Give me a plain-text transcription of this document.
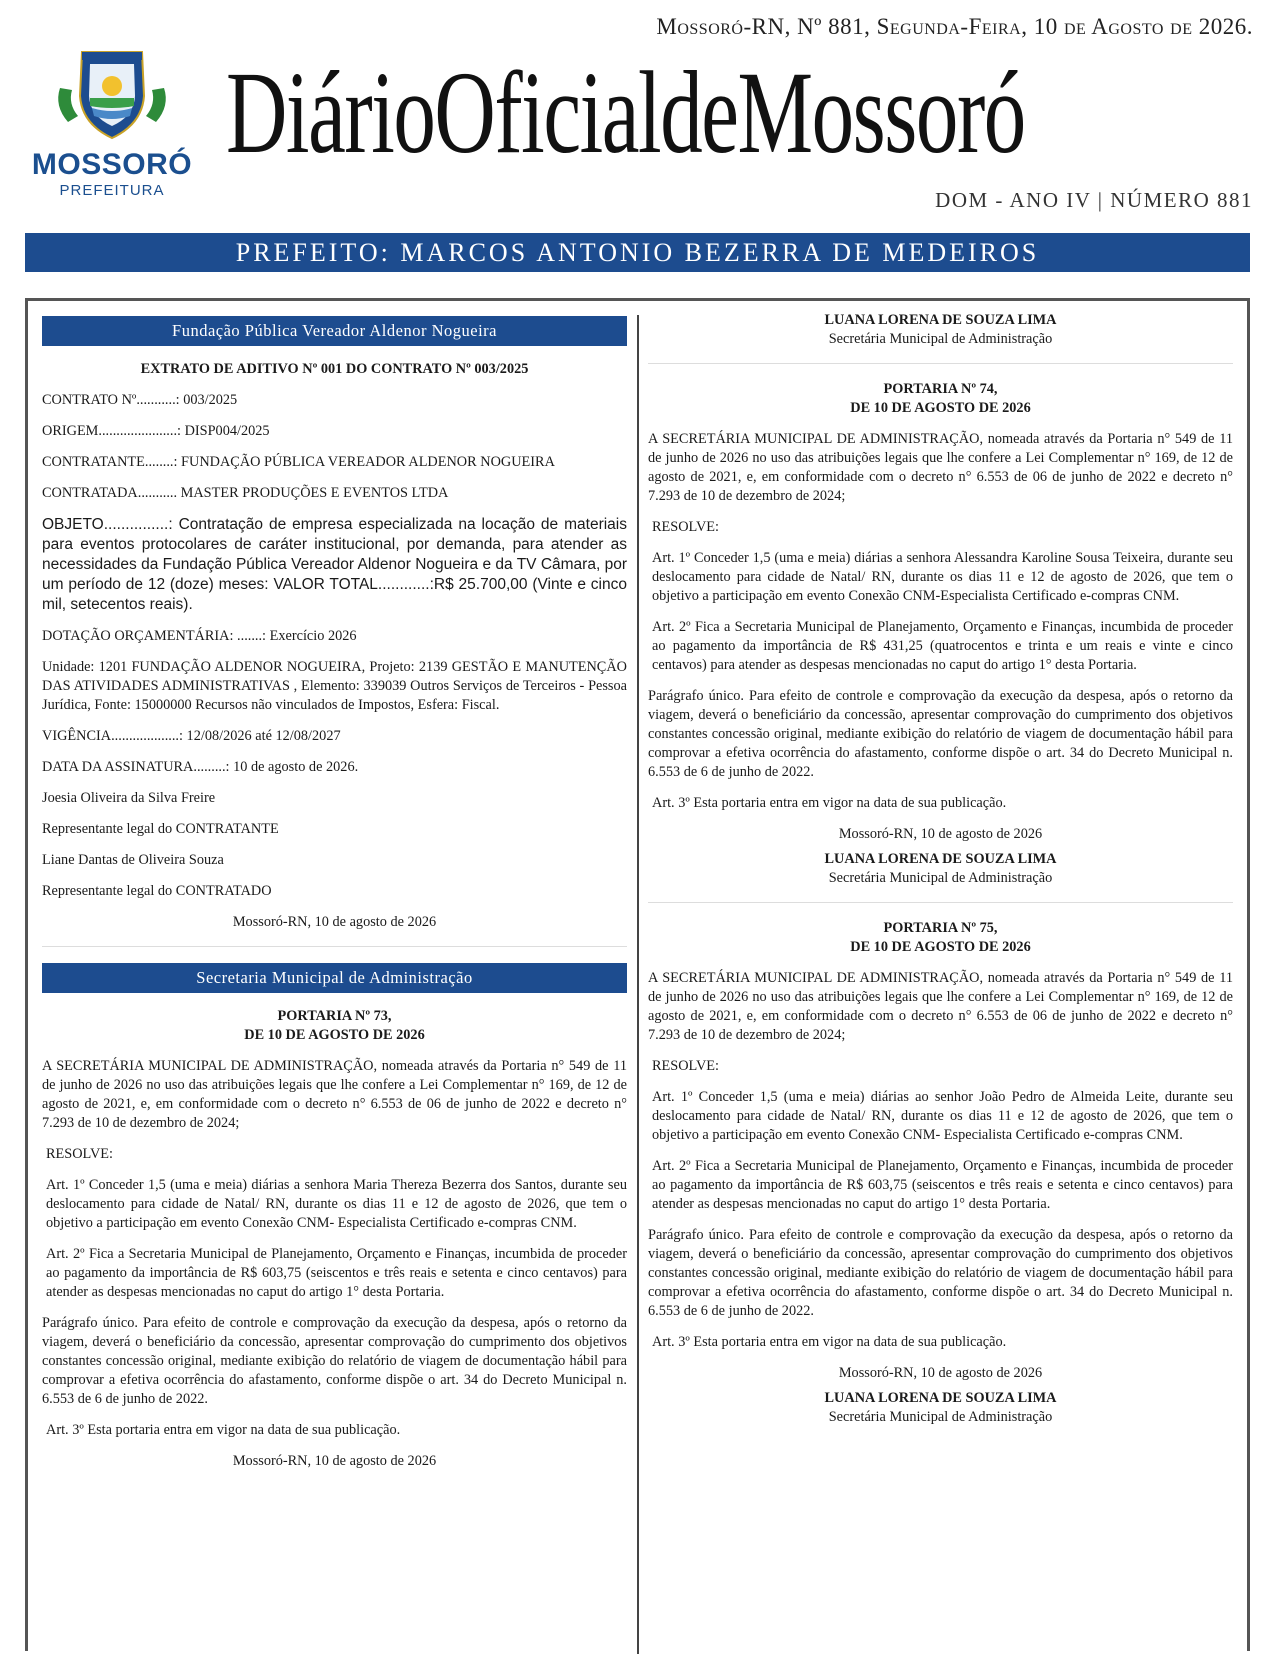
Mossoró-RN, Nº 881, Segunda-Feira, 10 de Agosto de 2026.
MOSSORÓ
PREFEITURA
DiárioOficialdeMossoró
DOM - ANO IV | NÚMERO 881
PREFEITO: MARCOS ANTONIO BEZERRA DE MEDEIROS
Fundação Pública Vereador Aldenor Nogueira
EXTRATO DE ADITIVO Nº 001 DO CONTRATO Nº 003/2025

CONTRATO Nº...........: 003/2025

ORIGEM......................: DISP004/2025

CONTRATANTE........: FUNDAÇÃO PÚBLICA VEREADOR ALDENOR NOGUEIRA

CONTRATADA........... MASTER PRODUÇÕES E EVENTOS LTDA

OBJETO...............: Contratação de empresa especializada na locação de materiais para eventos protocolares de caráter institucional, por demanda, para atender as necessidades da Fundação Pública Vereador Aldenor Nogueira e da TV Câmara, por um período de 12 (doze) meses: VALOR TOTAL............:R$ 25.700,00 (Vinte e cinco mil, setecentos reais).

DOTAÇÃO ORÇAMENTÁRIA: .......: Exercício 2026

Unidade: 1201 FUNDAÇÃO ALDENOR NOGUEIRA, Projeto: 2139 GESTÃO E MANUTENÇÃO DAS ATIVIDADES ADMINISTRATIVAS , Elemento: 339039 Outros Serviços de Terceiros - Pessoa Jurídica, Fonte: 15000000 Recursos não vinculados de Impostos, Esfera: Fiscal.

VIGÊNCIA...................: 12/08/2026 até 12/08/2027

DATA DA ASSINATURA.........: 10 de agosto de 2026.

Joesia Oliveira da Silva Freire

Representante legal do CONTRATANTE

Liane Dantas de Oliveira Souza

Representante legal do CONTRATADO

Mossoró-RN, 10 de agosto de 2026

Secretaria Municipal de Administração
PORTARIA Nº 73,
DE 10 DE AGOSTO DE 2026

A SECRETÁRIA MUNICIPAL DE ADMINISTRAÇÃO, nomeada através da Portaria n° 549 de 11 de junho de 2026 no uso das atribuições legais que lhe confere a Lei Complementar n° 169, de 12 de agosto de 2021, e, em conformidade com o decreto n° 6.553 de 06 de junho de 2022 e decreto n° 7.293 de 10 de dezembro de 2024;

RESOLVE:

Art. 1º Conceder 1,5 (uma e meia) diárias a senhora Maria Thereza Bezerra dos Santos, durante seu deslocamento para cidade de Natal/ RN, durante os dias 11 e 12 de agosto de 2026, que tem o objetivo a participação em evento Conexão CNM- Especialista Certificado e-compras CNM.

Art. 2º Fica a Secretaria Municipal de Planejamento, Orçamento e Finanças, incumbida de proceder ao pagamento da importância de R$ 603,75 (seiscentos e três reais e setenta e cinco centavos) para atender as despesas mencionadas no caput do artigo 1° desta Portaria.

Parágrafo único. Para efeito de controle e comprovação da execução da despesa, após o retorno da viagem, deverá o beneficiário da concessão, apresentar comprovação do cumprimento dos objetivos constantes concessão original, mediante exibição do relatório de viagem de documentação hábil para comprovar a efetiva ocorrência do afastamento, conforme dispõe o art. 34 do Decreto Municipal n. 6.553 de 6 de junho de 2022.

Art. 3º Esta portaria entra em vigor na data de sua publicação.

Mossoró-RN, 10 de agosto de 2026

LUANA LORENA DE SOUZA LIMA

Secretária Municipal de Administração

PORTARIA Nº 74,
DE 10 DE AGOSTO DE 2026

A SECRETÁRIA MUNICIPAL DE ADMINISTRAÇÃO, nomeada através da Portaria n° 549 de 11 de junho de 2026 no uso das atribuições legais que lhe confere a Lei Complementar n° 169, de 12 de agosto de 2021, e, em conformidade com o decreto n° 6.553 de 06 de junho de 2022 e decreto n° 7.293 de 10 de dezembro de 2024;

RESOLVE:

Art. 1º Conceder 1,5 (uma e meia) diárias a senhora Alessandra Karoline Sousa Teixeira, durante seu deslocamento para cidade de Natal/ RN, durante os dias 11 e 12 de agosto de 2026, que tem o objetivo a participação em evento Conexão CNM-Especialista Certificado e-compras CNM.

Art. 2º Fica a Secretaria Municipal de Planejamento, Orçamento e Finanças, incumbida de proceder ao pagamento da importância de R$ 431,25 (quatrocentos e trinta e um reais e vinte e cinco centavos) para atender as despesas mencionadas no caput do artigo 1° desta Portaria.

Parágrafo único. Para efeito de controle e comprovação da execução da despesa, após o retorno da viagem, deverá o beneficiário da concessão, apresentar comprovação do cumprimento dos objetivos constantes concessão original, mediante exibição do relatório de viagem de documentação hábil para comprovar a efetiva ocorrência do afastamento, conforme dispõe o art. 34 do Decreto Municipal n. 6.553 de 6 de junho de 2022.

Art. 3º Esta portaria entra em vigor na data de sua publicação.

Mossoró-RN, 10 de agosto de 2026

LUANA LORENA DE SOUZA LIMA

Secretária Municipal de Administração

PORTARIA Nº 75,
DE 10 DE AGOSTO DE 2026

A SECRETÁRIA MUNICIPAL DE ADMINISTRAÇÃO, nomeada através da Portaria n° 549 de 11 de junho de 2026 no uso das atribuições legais que lhe confere a Lei Complementar n° 169, de 12 de agosto de 2021, e, em conformidade com o decreto n° 6.553 de 06 de junho de 2022 e decreto n° 7.293 de 10 de dezembro de 2024;

RESOLVE:

Art. 1º Conceder 1,5 (uma e meia) diárias ao senhor João Pedro de Almeida Leite, durante seu deslocamento para cidade de Natal/ RN, durante os dias 11 e 12 de agosto de 2026, que tem o objetivo a participação em evento Conexão CNM- Especialista Certificado e-compras CNM.

Art. 2º Fica a Secretaria Municipal de Planejamento, Orçamento e Finanças, incumbida de proceder ao pagamento da importância de R$ 603,75 (seiscentos e três reais e setenta e cinco centavos) para atender as despesas mencionadas no caput do artigo 1° desta Portaria.

Parágrafo único. Para efeito de controle e comprovação da execução da despesa, após o retorno da viagem, deverá o beneficiário da concessão, apresentar comprovação do cumprimento dos objetivos constantes concessão original, mediante exibição do relatório de viagem de documentação hábil para comprovar a efetiva ocorrência do afastamento, conforme dispõe o art. 34 do Decreto Municipal n. 6.553 de 6 de junho de 2022.

Art. 3º Esta portaria entra em vigor na data de sua publicação.

Mossoró-RN, 10 de agosto de 2026

LUANA LORENA DE SOUZA LIMA

Secretária Municipal de Administração
